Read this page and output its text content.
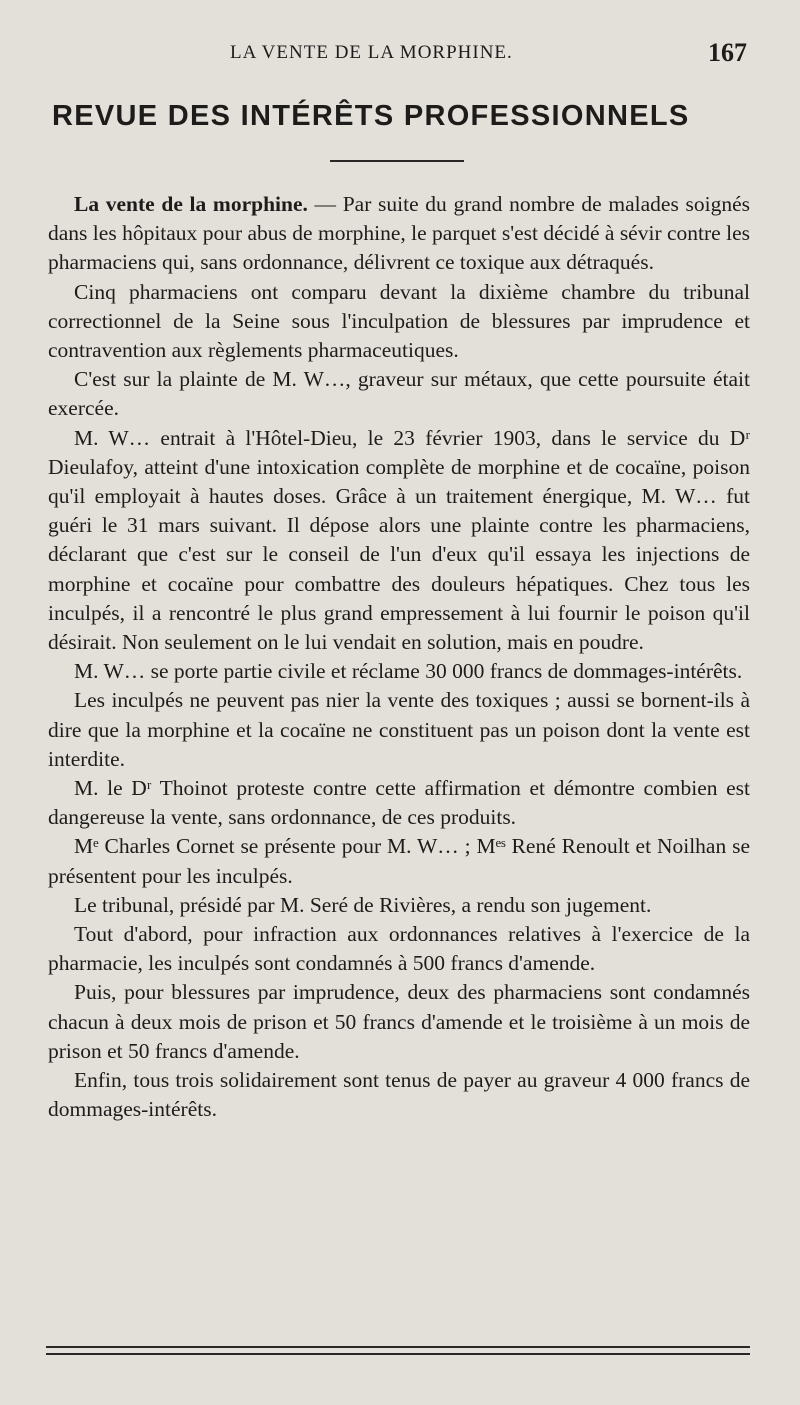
LA VENTE DE LA MORPHINE.	167
REVUE DES INTÉRÊTS PROFESSIONNELS

La vente de la morphine. — Par suite du grand nombre de malades soignés dans les hôpitaux pour abus de morphine, le parquet s'est décidé à sévir contre les pharmaciens qui, sans ordonnance, délivrent ce toxique aux détraqués.

Cinq pharmaciens ont comparu devant la dixième chambre du tribunal correctionnel de la Seine sous l'inculpation de blessures par imprudence et contravention aux règlements pharmaceutiques.

C'est sur la plainte de M. W…, graveur sur métaux, que cette poursuite était exercée.

M. W… entrait à l'Hôtel-Dieu, le 23 février 1903, dans le service du Dʳ Dieulafoy, atteint d'une intoxication complète de morphine et de cocaïne, poison qu'il employait à hautes doses. Grâce à un traitement énergique, M. W… fut guéri le 31 mars suivant. Il dépose alors une plainte contre les pharmaciens, déclarant que c'est sur le conseil de l'un d'eux qu'il essaya les injections de morphine et cocaïne pour combattre des douleurs hépatiques. Chez tous les inculpés, il a rencontré le plus grand empressement à lui fournir le poison qu'il désirait. Non seulement on le lui vendait en solution, mais en poudre.

M. W… se porte partie civile et réclame 30 000 francs de dommages-intérêts.

Les inculpés ne peuvent pas nier la vente des toxiques ; aussi se bornent-ils à dire que la morphine et la cocaïne ne constituent pas un poison dont la vente est interdite.

M. le Dʳ Thoinot proteste contre cette affirmation et démontre combien est dangereuse la vente, sans ordonnance, de ces produits.

Mᵉ Charles Cornet se présente pour M. W… ; Mᵉˢ René Renoult et Noilhan se présentent pour les inculpés.

Le tribunal, présidé par M. Seré de Rivières, a rendu son jugement.

Tout d'abord, pour infraction aux ordonnances relatives à l'exercice de la pharmacie, les inculpés sont condamnés à 500 francs d'amende.

Puis, pour blessures par imprudence, deux des pharmaciens sont condamnés chacun à deux mois de prison et 50 francs d'amende et le troisième à un mois de prison et 50 francs d'amende.

Enfin, tous trois solidairement sont tenus de payer au graveur 4 000 francs de dommages-intérêts.
